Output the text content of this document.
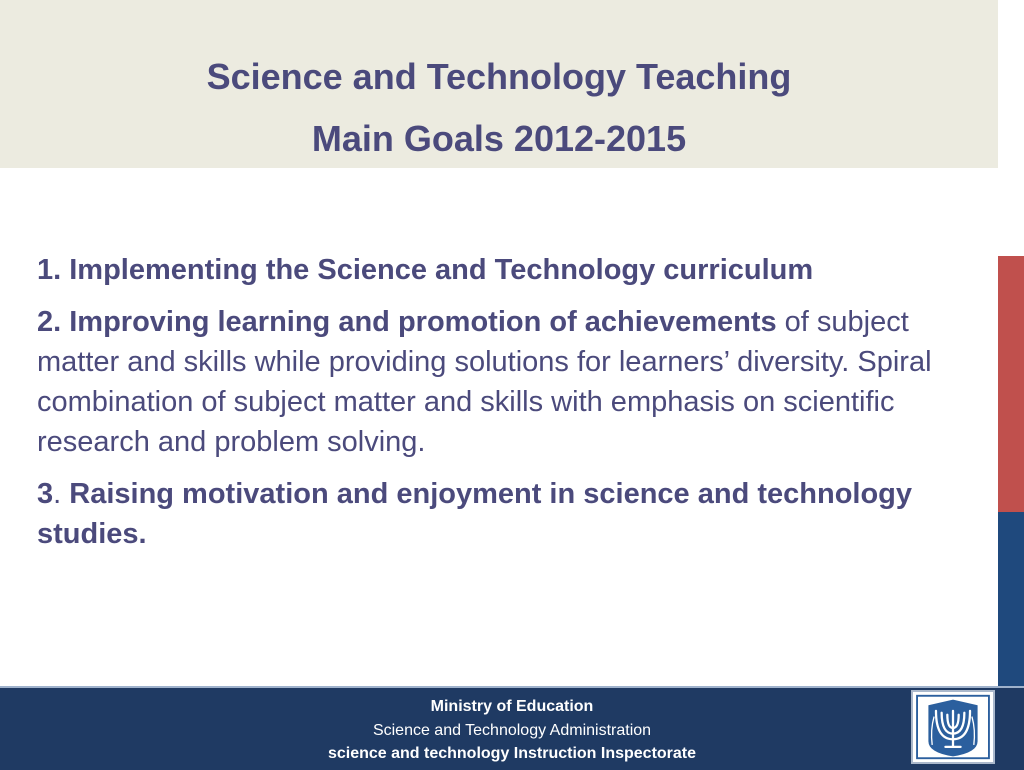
Science and Technology Teaching
Main Goals 2012-2015

1. Implementing the Science and Technology curriculum

2. Improving learning and promotion of achievements of subject matter and skills while providing solutions for learners’ diversity. Spiral combination of subject matter and skills with emphasis on scientific research and problem solving.

3. Raising motivation and enjoyment in science and technology studies.

Ministry of Education
Science and Technology Administration
science and technology Instruction Inspectorate
